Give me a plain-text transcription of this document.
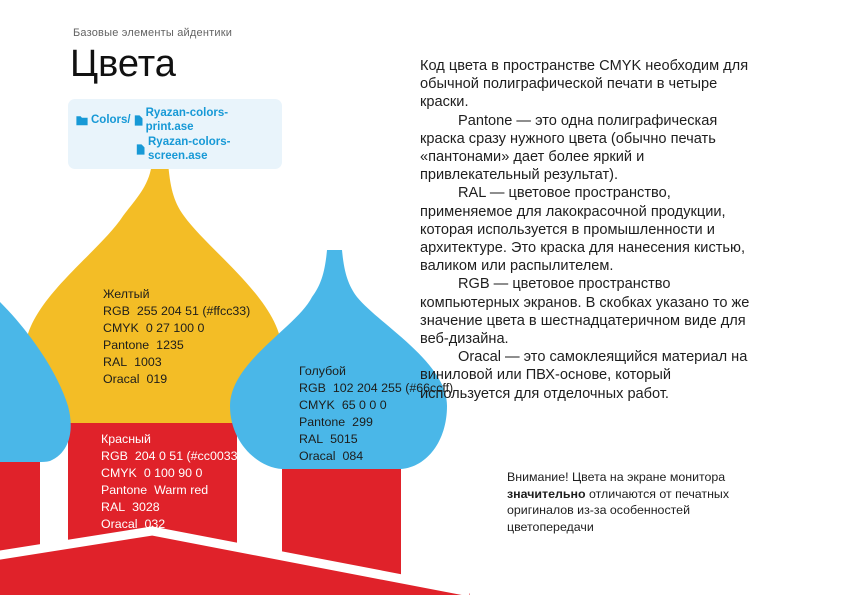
Базовые элементы айдентики
Цвета
Colors/
Ryazan-colors-print.ase
Ryazan-colors-screen.ase

Код цвета в пространстве CMYK необходим для обычной полиграфической печати в четыре краски.

Pantone — это одна полиграфическая краска сразу нужного цвета (обычно печать «пантонами» дает более яркий и привлекательный результат).

RAL — цветовое пространство, применяемое для лакокрасочной продукции, которая используется в промышленности и архитектуре. Это краска для нанесения кистью, валиком или распылителем.

RGB — цветовое пространство компьютерных экранов. В скобках указано то же значение цвета в шестнадцатеричном виде для веб-дизайна.

Oracal — это самоклеящийся материал на виниловой или ПВХ-основе, который используется для отделочных работ.

Желтый
RGB 255 204 51 (#ffcc33)
CMYK 0 27 100 0
Pantone 1235
RAL 1003
Oracal 019
Красный
RGB 204 0 51 (#cc0033)
CMYK 0 100 90 0
Pantone Warm red
RAL 3028
Oracal 032
Голубой
RGB 102 204 255 (#66ccff)
CMYK 65 0 0 0
Pantone 299
RAL 5015
Oracal 084
Внимание! Цвета на экране монитора значительно отличаются от печатных оригиналов из-за особенностей цветопередачи
